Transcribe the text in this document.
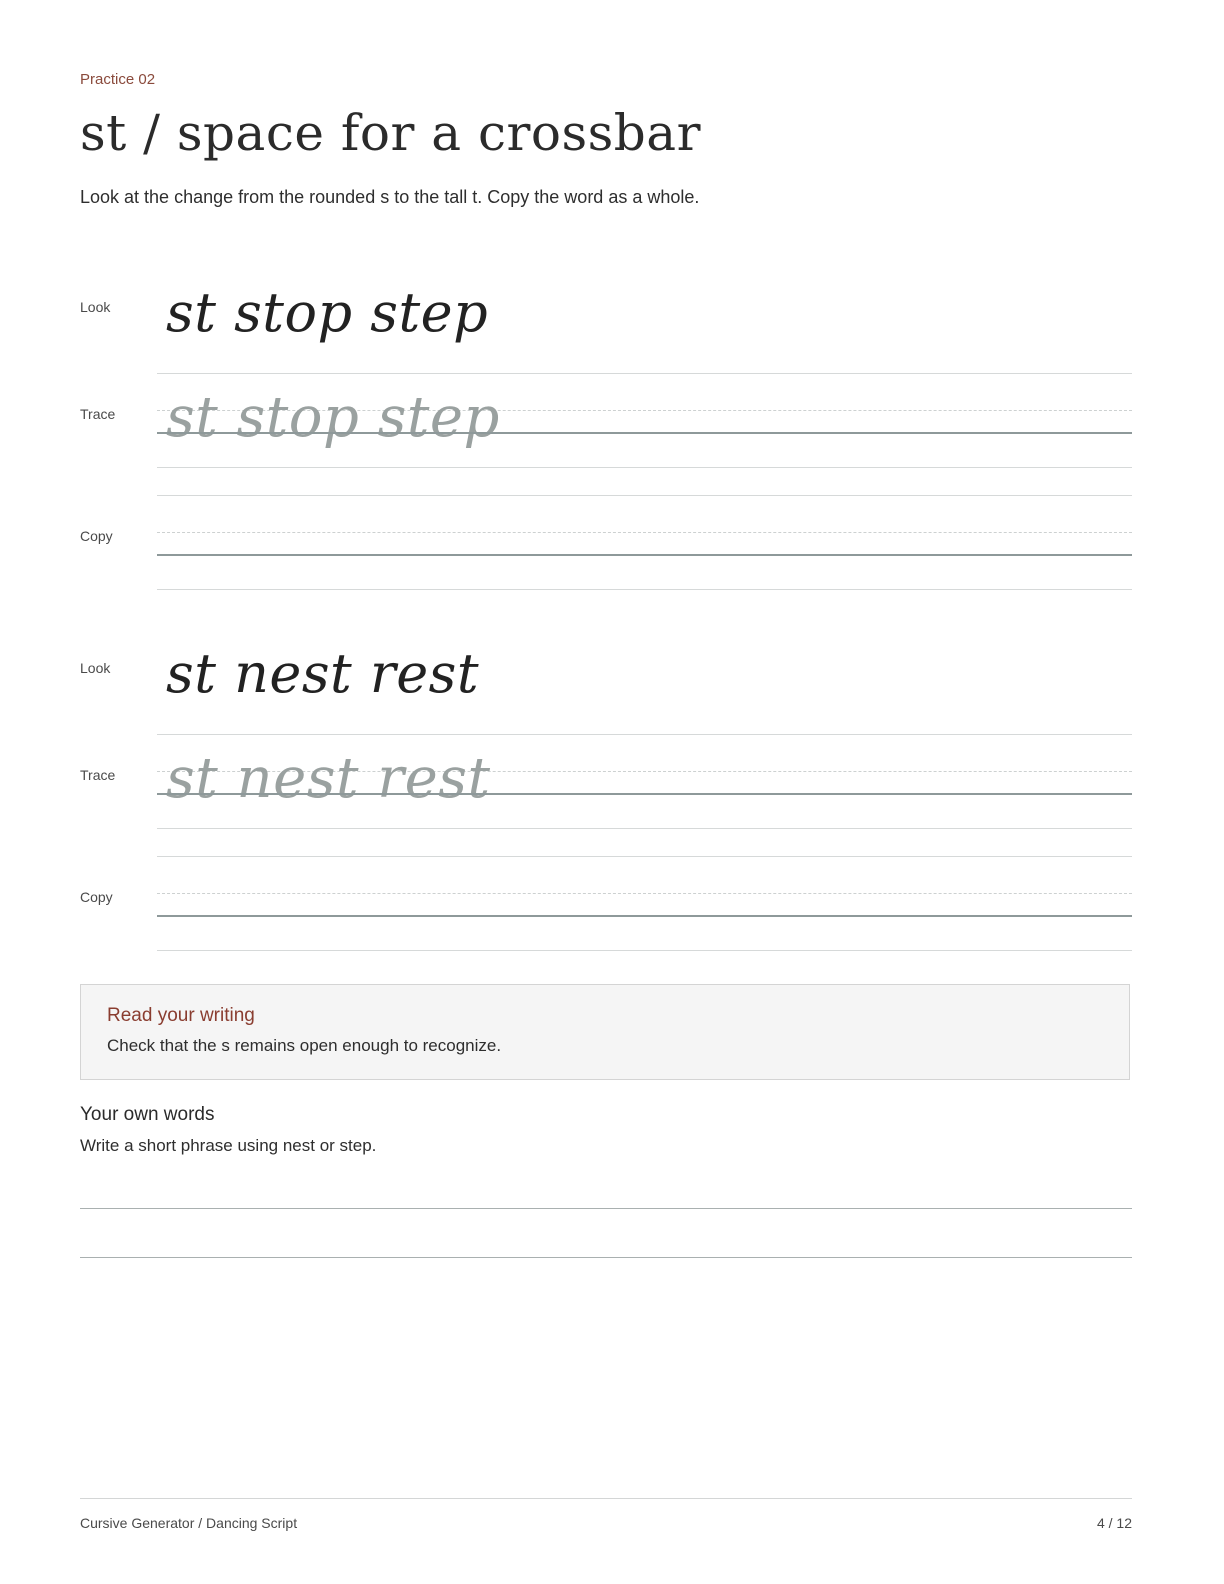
Practice 02
st / space for a crossbar
Look at the change from the rounded s to the tall t. Copy the word as a whole.
Look st stop step
Trace st stop step
Copy
Look st nest rest
Trace st nest rest
Copy
Read your writing
Check that the s remains open enough to recognize.
Your own words
Write a short phrase using nest or step.
Cursive Generator / Dancing Script	4 / 12
